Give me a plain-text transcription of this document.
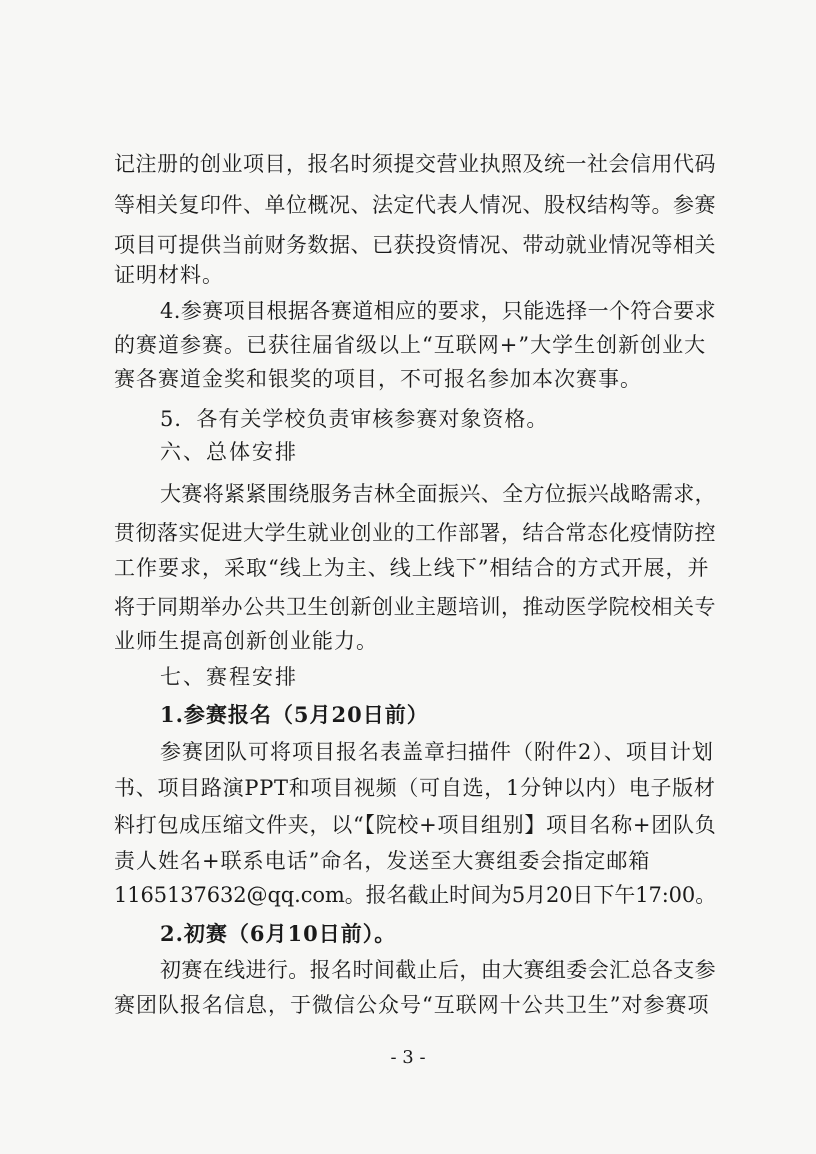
记注册的创业项目，报名时须提交营业执照及统一社会信用代码
等相关复印件、单位概况、法定代表人情况、股权结构等。参赛
项目可提供当前财务数据、已获投资情况、带动就业情况等相关
证明材料。
4.参赛项目根据各赛道相应的要求，只能选择一个符合要求
的赛道参赛。已获往届省级以上“互联网+”大学生创新创业大
赛各赛道金奖和银奖的项目，不可报名参加本次赛事。
5．各有关学校负责审核参赛对象资格。
六、总体安排
大赛将紧紧围绕服务吉林全面振兴、全方位振兴战略需求，
贯彻落实促进大学生就业创业的工作部署，结合常态化疫情防控
工作要求，采取“线上为主、线上线下”相结合的方式开展，并
将于同期举办公共卫生创新创业主题培训，推动医学院校相关专
业师生提高创新创业能力。
七、赛程安排
1.参赛报名（5月20日前）
参赛团队可将项目报名表盖章扫描件（附件2）、项目计划
书、项目路演PPT和项目视频（可自选，1分钟以内）电子版材
料打包成压缩文件夹，以“【院校+项目组别】项目名称+团队负
责人姓名+联系电话”命名，发送至大赛组委会指定邮箱
1165137632@qq.com。报名截止时间为5月20日下午17:00。
2.初赛（6月10日前）。
初赛在线进行。报名时间截止后，由大赛组委会汇总各支参
赛团队报名信息，于微信公众号“互联网十公共卫生”对参赛项
- 3 -
